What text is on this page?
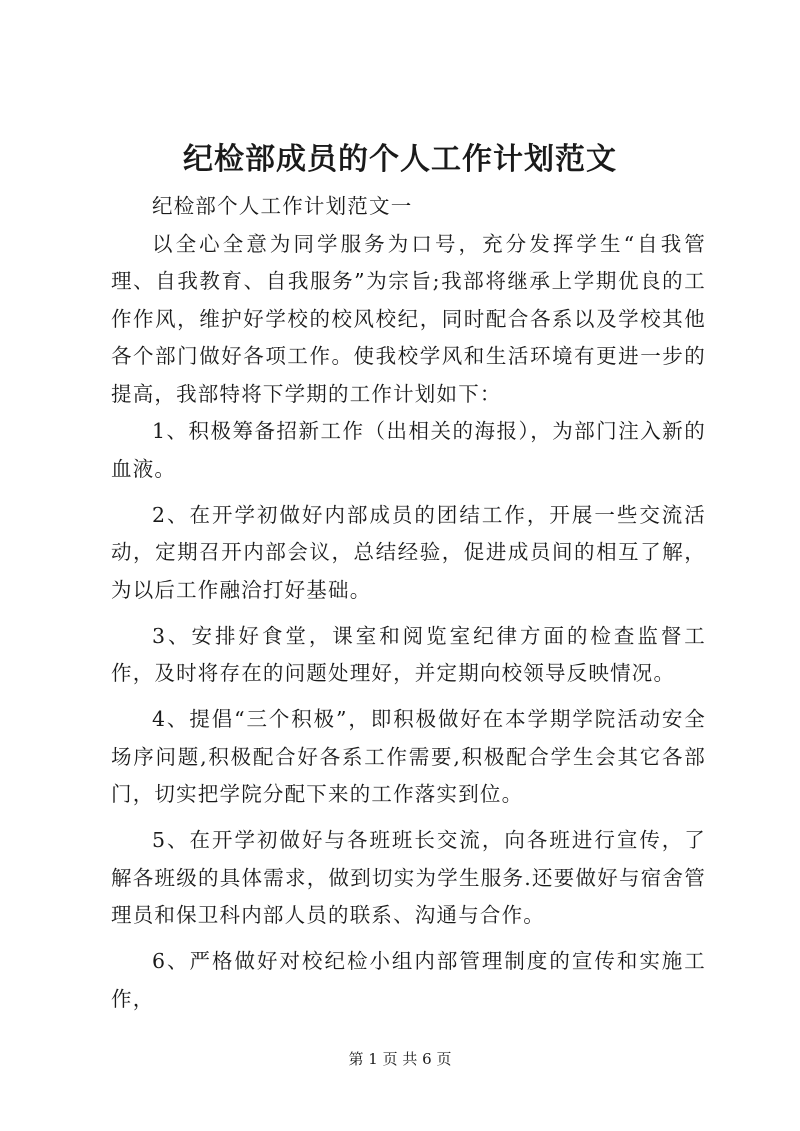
纪检部成员的个人工作计划范文

纪检部个人工作计划范文一

以全心全意为同学服务为口号，充分发挥学生“自我管理、自我教育、自我服务”为宗旨;我部将继承上学期优良的工作作风，维护好学校的校风校纪，同时配合各系以及学校其他各个部门做好各项工作。使我校学风和生活环境有更进一步的提高，我部特将下学期的工作计划如下：

1、积极筹备招新工作（出相关的海报），为部门注入新的血液。

2、在开学初做好内部成员的团结工作，开展一些交流活动，定期召开内部会议，总结经验，促进成员间的相互了解，为以后工作融洽打好基础。

3、安排好食堂，课室和阅览室纪律方面的检查监督工作，及时将存在的问题处理好，并定期向校领导反映情况。

4、提倡“三个积极”，即积极做好在本学期学院活动安全场序问题,积极配合好各系工作需要,积极配合学生会其它各部门，切实把学院分配下来的工作落实到位。

5、在开学初做好与各班班长交流，向各班进行宣传，了解各班级的具体需求，做到切实为学生服务.还要做好与宿舍管理员和保卫科内部人员的联系、沟通与合作。

6、严格做好对校纪检小组内部管理制度的宣传和实施工作，

第 1 页 共 6 页
